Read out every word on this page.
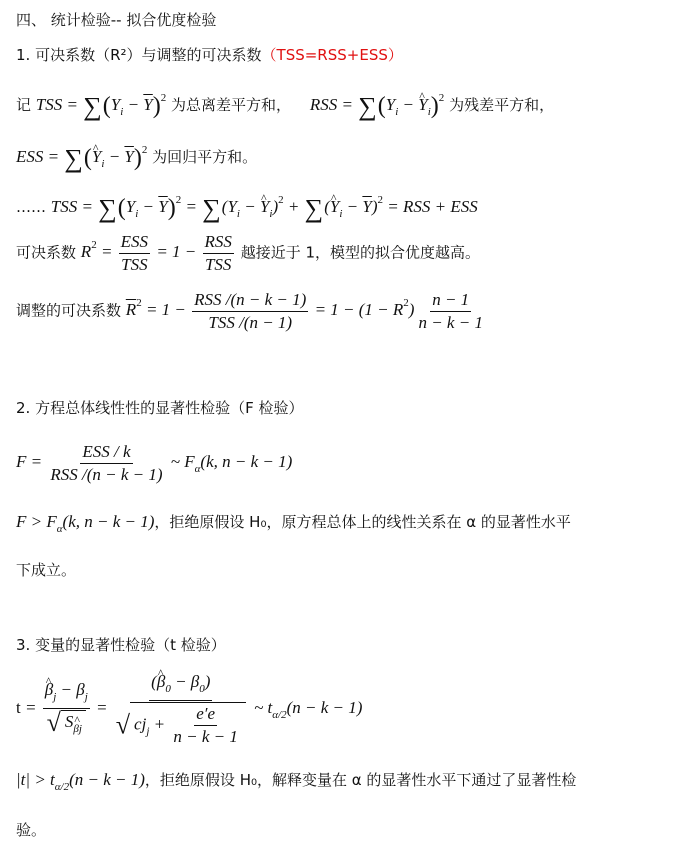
四、 统计检验-- 拟合优度检验
1. 可决系数（R²）与调整的可决系数（TSS=RSS+ESS）
记 TSS = $\sum(Y_i - \overline{Y})^2$ 为总离差平方和， RSS = $\sum(Y_i$ − ^ $Y_i)^2$ 为残差平方和，
ESS = ∑(^ $Y_i - \overline{Y})^2$ 为回归平方和。
…… TSS = $\sum(Y_i - \overline{Y})^2 = \sum(Y_i$ − ^ $Y_i)^2$ + ∑(^ $Y_i - \overline{Y})^2$ = RSS + ESS
可决系数 $R^2 = \frac{\text{ESS}}{\text{TSS}} = 1 - \frac{\text{RSS}}{\text{TSS}}$ 越接近于 1，模型的拟合优度越高。
调整的可决系数 $\overline{R}^2 = 1 - \frac{\text{RSS /(n − k − 1)}}{\text{TSS /(n − 1)}} = 1 - (1 - R^2) \frac{n - 1}{n - k - 1}$
2. 方程总体线性性的显著性检验（F 检验）
$F = \frac{\text{ESS / k}}{\text{RSS /(n − k − 1)}}$ ~ $F_\alpha(k$, n − k − 1)
$F > F_\alpha(k$, n − k − 1)，拒绝原假设 H₀，原方程总体上的线性关系在 α 的显著性水平
下成立。
3. 变量的显著性检验（t 检验）
t = ^ $\frac{\beta_j - \beta_j}{√ S\^{} _{\beta j}} = \frac{(\^{} \beta_0 - \beta_0)}{√ cj_j + \frac{e'e}{n - k - 1}}$ ~ $t_{\alpha/2}(n - k - 1)$
$|t| > t_{\alpha/2}(n - k - 1)$，拒绝原假设 H₀，解释变量在 α 的显著性水平下通过了显著性检
验。
